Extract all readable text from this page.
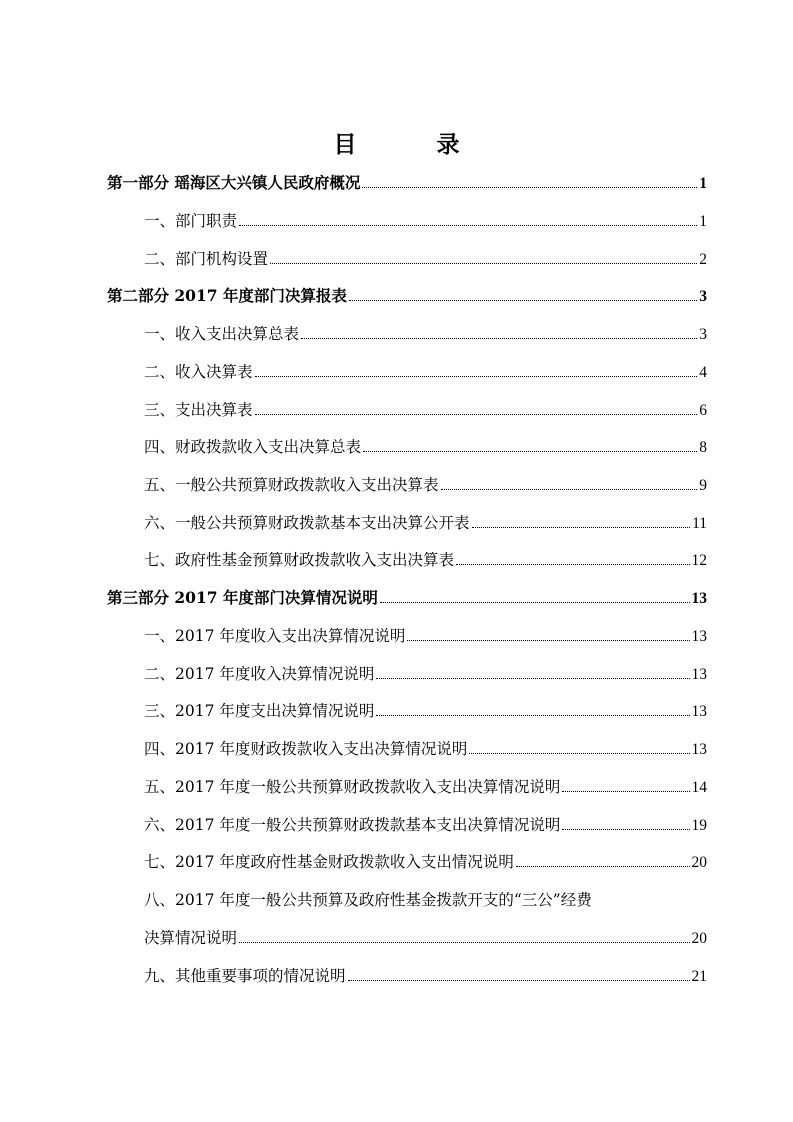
目 录
第一部分 瑶海区大兴镇人民政府概况	1
一、部门职责	1
二、部门机构设置	2
第二部分 2017 年度部门决算报表	3
一、收入支出决算总表	3
二、收入决算表	4
三、支出决算表	6
四、财政拨款收入支出决算总表	8
五、一般公共预算财政拨款收入支出决算表	9
六、一般公共预算财政拨款基本支出决算公开表	11
七、政府性基金预算财政拨款收入支出决算表	12
第三部分 2017 年度部门决算情况说明	13
一、2017 年度收入支出决算情况说明	13
二、2017 年度收入决算情况说明	13
三、2017 年度支出决算情况说明	13
四、2017 年度财政拨款收入支出决算情况说明	13
五、2017 年度一般公共预算财政拨款收入支出决算情况说明	14
六、2017 年度一般公共预算财政拨款基本支出决算情况说明	19
七、2017 年度政府性基金财政拨款收入支出情况说明	20
八、2017 年度一般公共预算及政府性基金拨款开支的“三公”经费
决算情况说明	20
九、其他重要事项的情况说明	21
